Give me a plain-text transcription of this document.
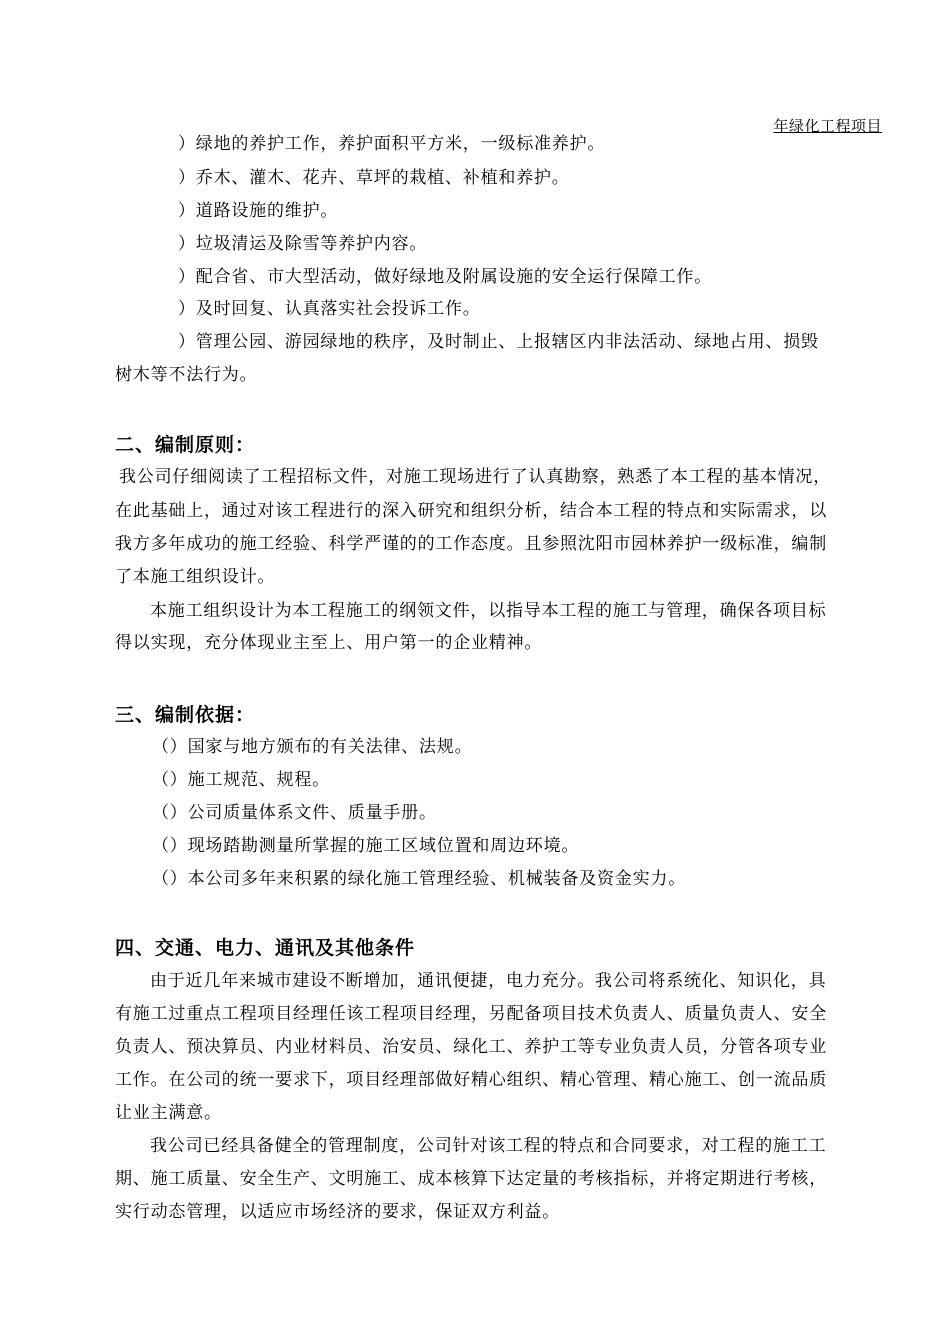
年绿化工程项目
）绿地的养护工作，养护面积平方米，一级标准养护。
）乔木、灌木、花卉、草坪的栽植、补植和养护。
）道路设施的维护。
）垃圾清运及除雪等养护内容。
）配合省、市大型活动，做好绿地及附属设施的安全运行保障工作。
）及时回复、认真落实社会投诉工作。
）管理公园、游园绿地的秩序，及时制止、上报辖区内非法活动、绿地占用、损毁
树木等不法行为。
二、编制原则：
我公司仔细阅读了工程招标文件，对施工现场进行了认真勘察，熟悉了本工程的基本情况，
在此基础上，通过对该工程进行的深入研究和组织分析，结合本工程的特点和实际需求，以
我方多年成功的施工经验、科学严谨的的工作态度。且参照沈阳市园林养护一级标准，编制
了本施工组织设计。
本施工组织设计为本工程施工的纲领文件，以指导本工程的施工与管理，确保各项目标
得以实现，充分体现业主至上、用户第一的企业精神。
三、编制依据：
（）国家与地方颁布的有关法律、法规。
（）施工规范、规程。
（）公司质量体系文件、质量手册。
（）现场踏勘测量所掌握的施工区域位置和周边环境。
（）本公司多年来积累的绿化施工管理经验、机械装备及资金实力。
四、交通、电力、通讯及其他条件
由于近几年来城市建设不断增加，通讯便捷，电力充分。我公司将系统化、知识化，具
有施工过重点工程项目经理任该工程项目经理，另配备项目技术负责人、质量负责人、安全
负责人、预决算员、内业材料员、治安员、绿化工、养护工等专业负责人员，分管各项专业
工作。在公司的统一要求下，项目经理部做好精心组织、精心管理、精心施工、创一流品质
让业主满意。
我公司已经具备健全的管理制度，公司针对该工程的特点和合同要求，对工程的施工工
期、施工质量、安全生产、文明施工、成本核算下达定量的考核指标，并将定期进行考核，
实行动态管理，以适应市场经济的要求，保证双方利益。
